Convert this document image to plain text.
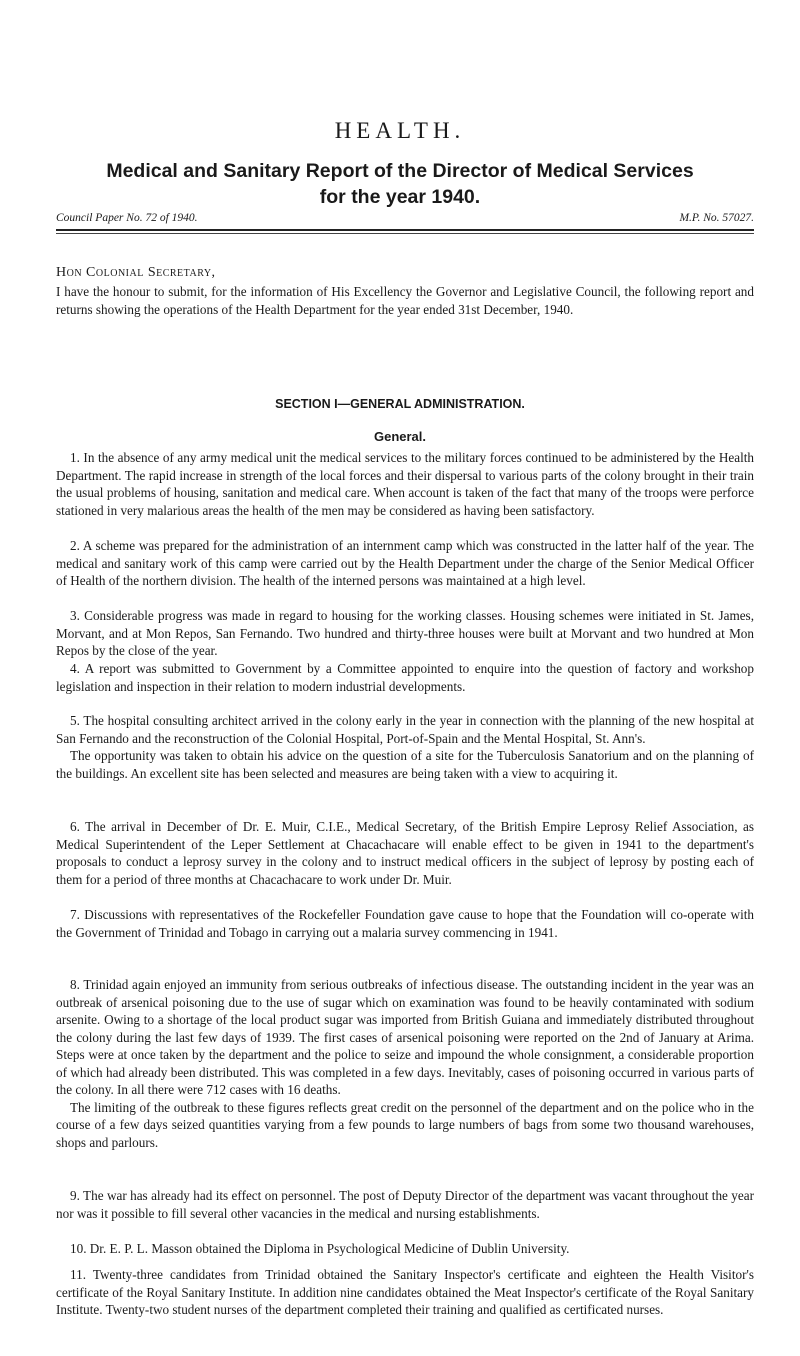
HEALTH.
Medical and Sanitary Report of the Director of Medical Services
for the year 1940.
Council Paper No. 72 of 1940.	M.P. No. 57027.
Hon Colonial Secretary,
I have the honour to submit, for the information of His Excellency the Governor and Legislative Council, the following report and returns showing the operations of the Health Department for the year ended 31st December, 1940.
SECTION I—GENERAL ADMINISTRATION.
General.

1. In the absence of any army medical unit the medical services to the military forces continued to be administered by the Health Department. The rapid increase in strength of the local forces and their dispersal to various parts of the colony brought in their train the usual problems of housing, sanitation and medical care. When account is taken of the fact that many of the troops were perforce stationed in very malarious areas the health of the men may be considered as having been satisfactory.

2. A scheme was prepared for the administration of an internment camp which was constructed in the latter half of the year. The medical and sanitary work of this camp were carried out by the Health Department under the charge of the Senior Medical Officer of Health of the northern division. The health of the interned persons was maintained at a high level.

3. Considerable progress was made in regard to housing for the working classes. Housing schemes were initiated in St. James, Morvant, and at Mon Repos, San Fernando. Two hundred and thirty-three houses were built at Morvant and two hundred at Mon Repos by the close of the year.

4. A report was submitted to Government by a Committee appointed to enquire into the question of factory and workshop legislation and inspection in their relation to modern industrial developments.

5. The hospital consulting architect arrived in the colony early in the year in connection with the planning of the new hospital at San Fernando and the reconstruction of the Colonial Hospital, Port-of-Spain and the Mental Hospital, St. Ann's.

The opportunity was taken to obtain his advice on the question of a site for the Tuberculosis Sanatorium and on the planning of the buildings. An excellent site has been selected and measures are being taken with a view to acquiring it.

6. The arrival in December of Dr. E. Muir, C.I.E., Medical Secretary, of the British Empire Leprosy Relief Association, as Medical Superintendent of the Leper Settlement at Chacachacare will enable effect to be given in 1941 to the department's proposals to conduct a leprosy survey in the colony and to instruct medical officers in the subject of leprosy by posting each of them for a period of three months at Chacachacare to work under Dr. Muir.

7. Discussions with representatives of the Rockefeller Foundation gave cause to hope that the Foundation will co-operate with the Government of Trinidad and Tobago in carrying out a malaria survey commencing in 1941.

8. Trinidad again enjoyed an immunity from serious outbreaks of infectious disease. The outstanding incident in the year was an outbreak of arsenical poisoning due to the use of sugar which on examination was found to be heavily contaminated with sodium arsenite. Owing to a shortage of the local product sugar was imported from British Guiana and immediately distributed throughout the colony during the last few days of 1939. The first cases of arsenical poisoning were reported on the 2nd of January at Arima. Steps were at once taken by the department and the police to seize and impound the whole consignment, a considerable proportion of which had already been distributed. This was completed in a few days. Inevitably, cases of poisoning occurred in various parts of the colony. In all there were 712 cases with 16 deaths.

The limiting of the outbreak to these figures reflects great credit on the personnel of the department and on the police who in the course of a few days seized quantities varying from a few pounds to large numbers of bags from some two thousand warehouses, shops and parlours.

9. The war has already had its effect on personnel. The post of Deputy Director of the department was vacant throughout the year nor was it possible to fill several other vacancies in the medical and nursing establishments.

10. Dr. E. P. L. Masson obtained the Diploma in Psychological Medicine of Dublin University.

11. Twenty-three candidates from Trinidad obtained the Sanitary Inspector's certificate and eighteen the Health Visitor's certificate of the Royal Sanitary Institute. In addition nine candidates obtained the Meat Inspector's certificate of the Royal Sanitary Institute. Twenty-two student nurses of the department completed their training and qualified as certificated nurses.
